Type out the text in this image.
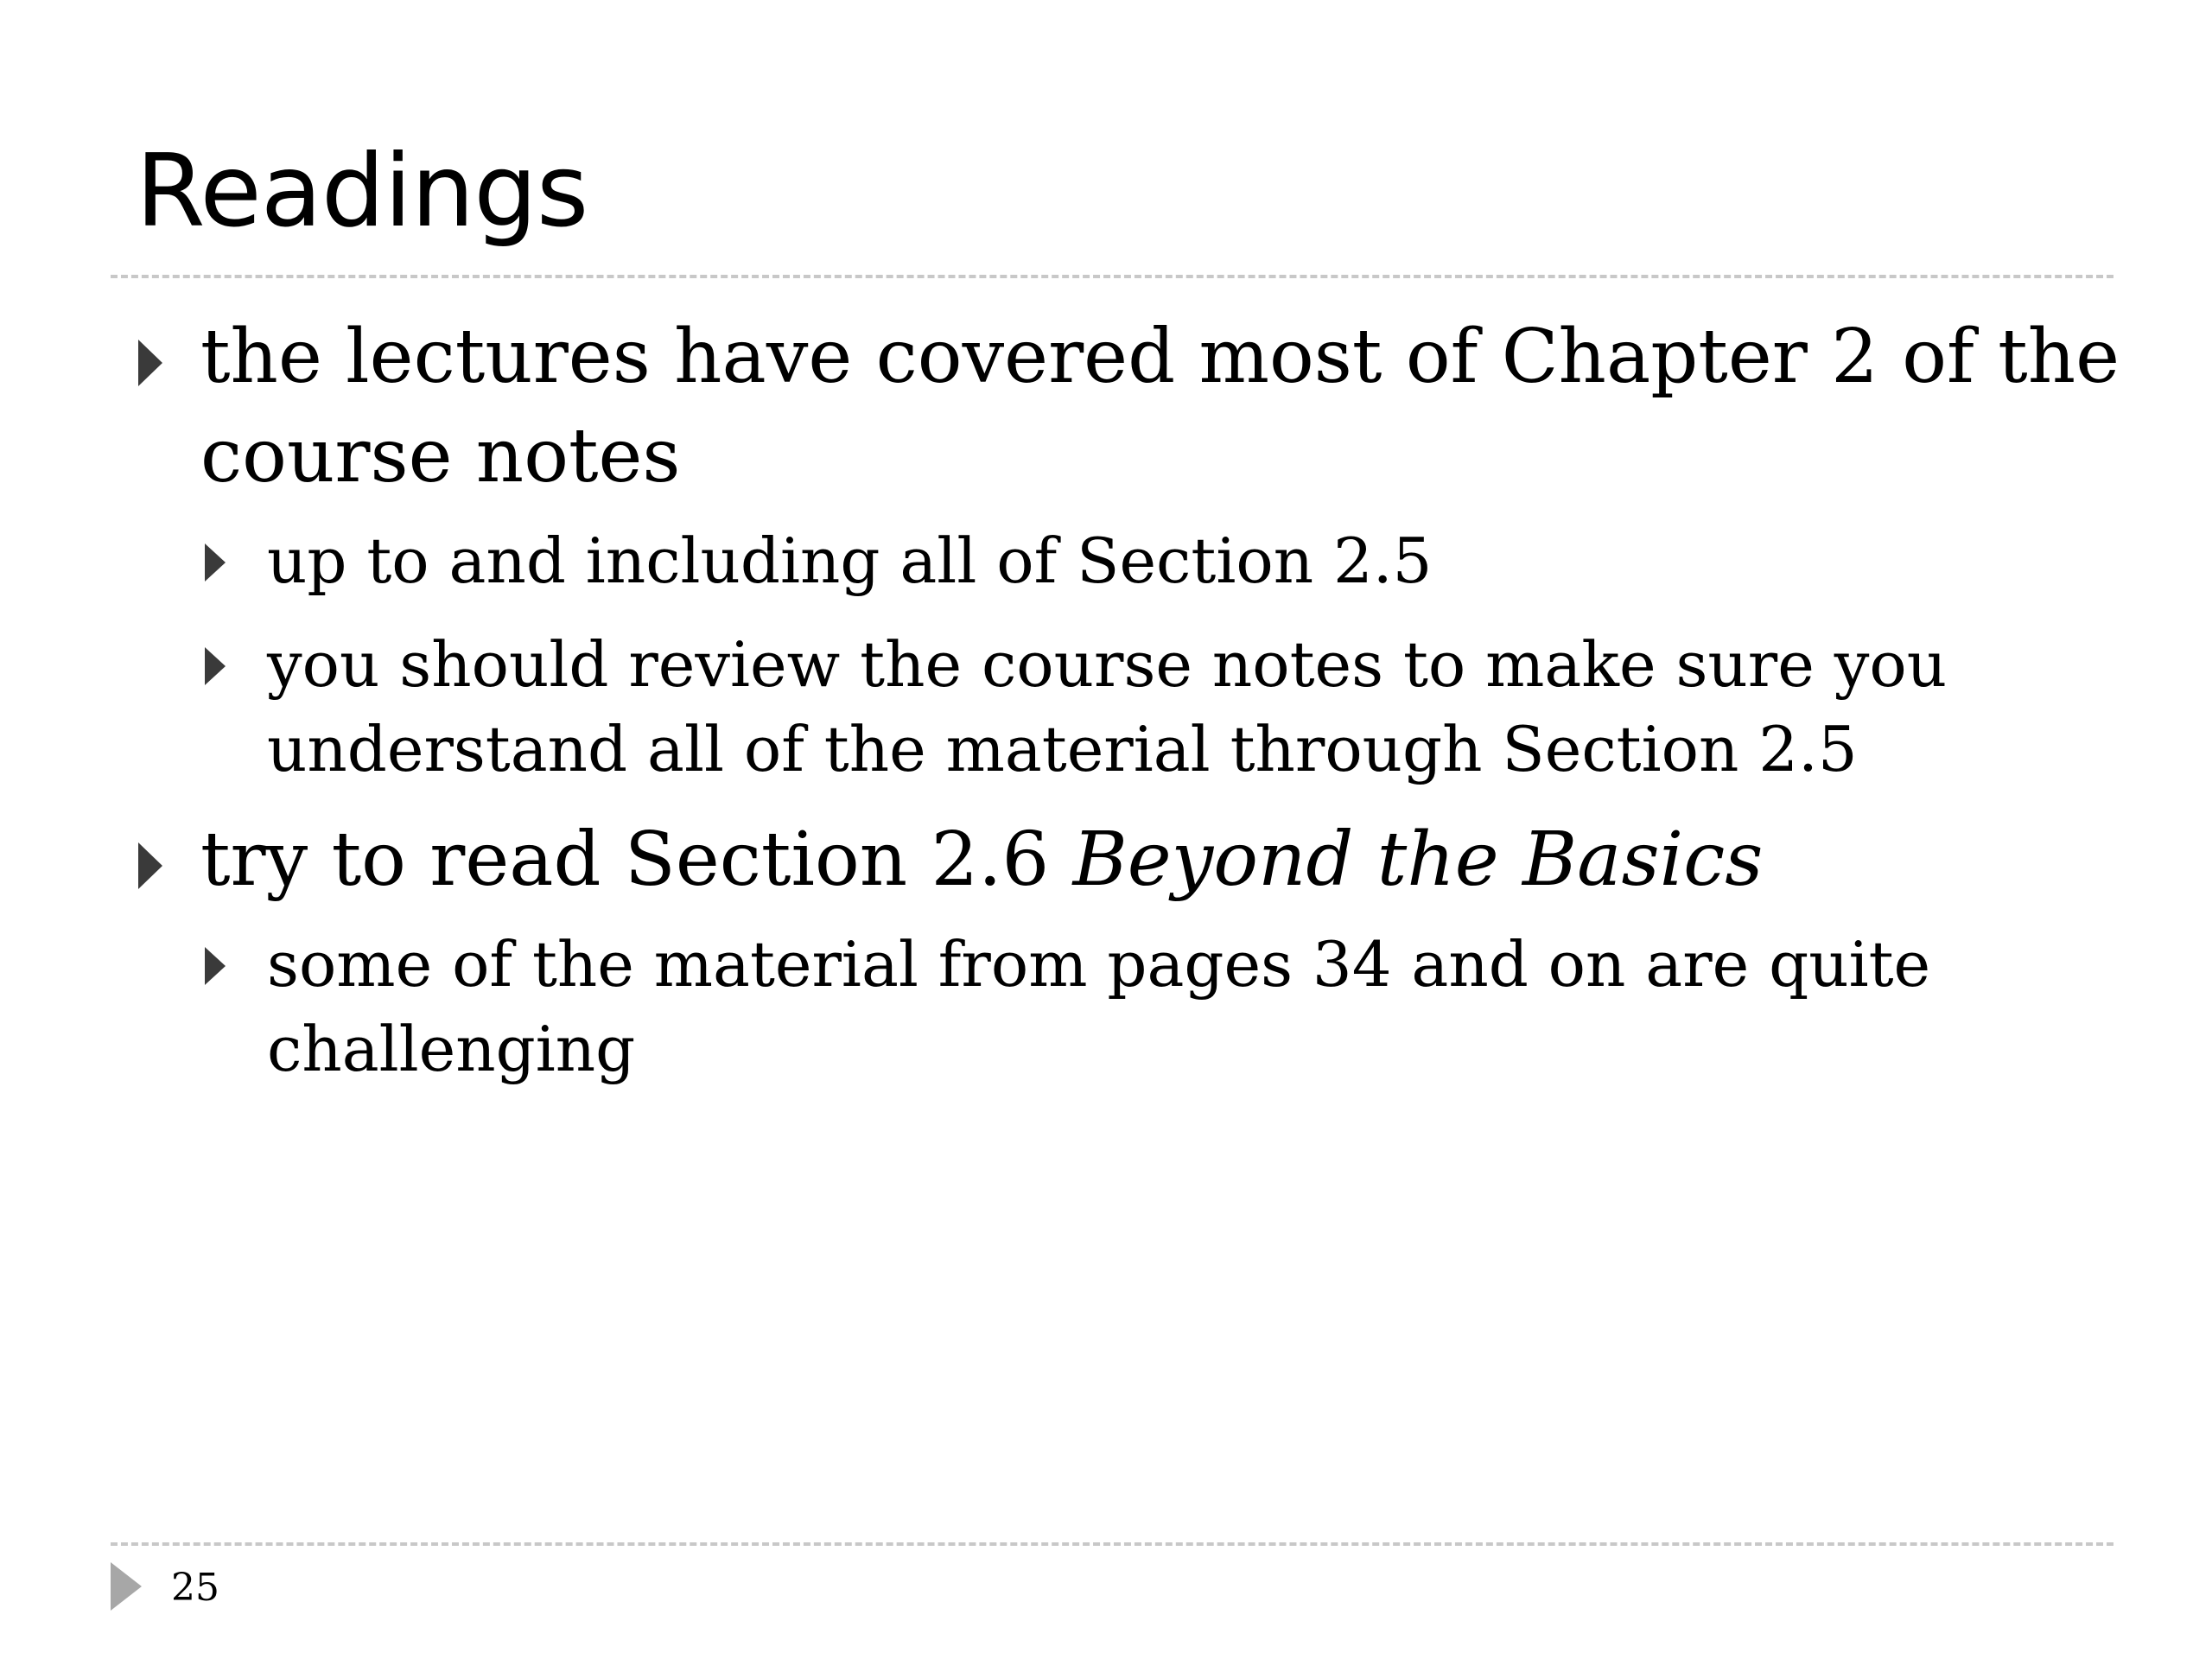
Readings
the lectures have covered most of Chapter 2 of the
course notes
up to and including all of Section 2.5
you should review the course notes to make sure you
understand all of the material through Section 2.5
try to read Section 2.6 Beyond the Basics
some of the material from pages 34 and on are quite
challenging
25
